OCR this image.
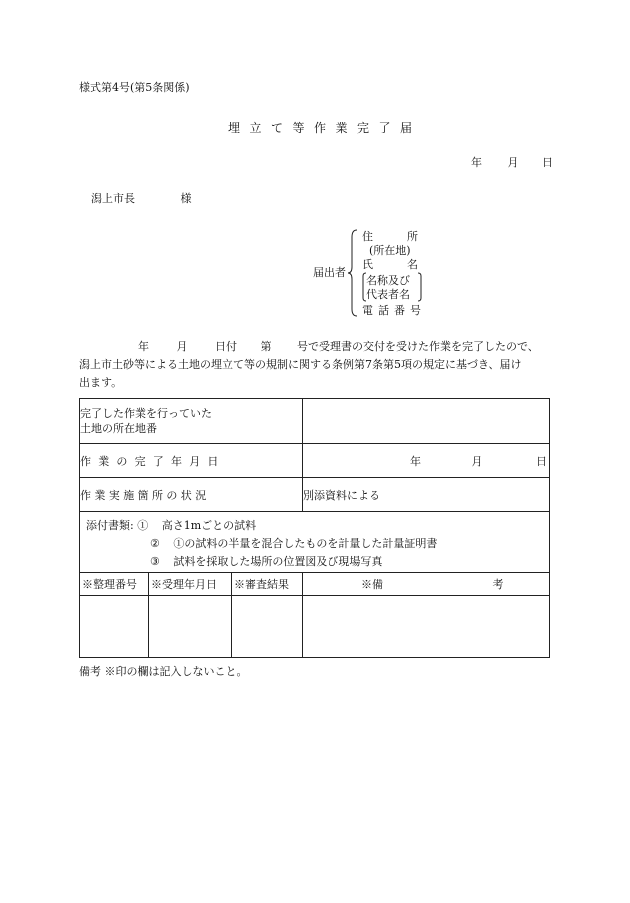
様式第4号(第5条関係)
埋立て等作業完了届
年 月 日
潟上市長	様
届出者
住所
(所在地)
氏名
名称及び
代表者名
電話番号
年	月	日付 第 号で受理書の交付を受けた作業を完了したので、
潟上市土砂等による土地の埋立て等の規制に関する条例第7条第5項の規定に基づき、届け
出ます。
完了した作業を行っていた
土地の所在地番			

作業の完了年月日			年 月 日
作業実施箇所の状況			別添資料による

添付書類: ① 高さ1mごとの試料
② ①の試料の半量を混合したものを計量した計量証明書
③ 試料を採取した場所の位置図及び現場写真			

※整理番号	※受理年月日	※審査結果	※備 考

備考 ※印の欄は記入しないこと。
